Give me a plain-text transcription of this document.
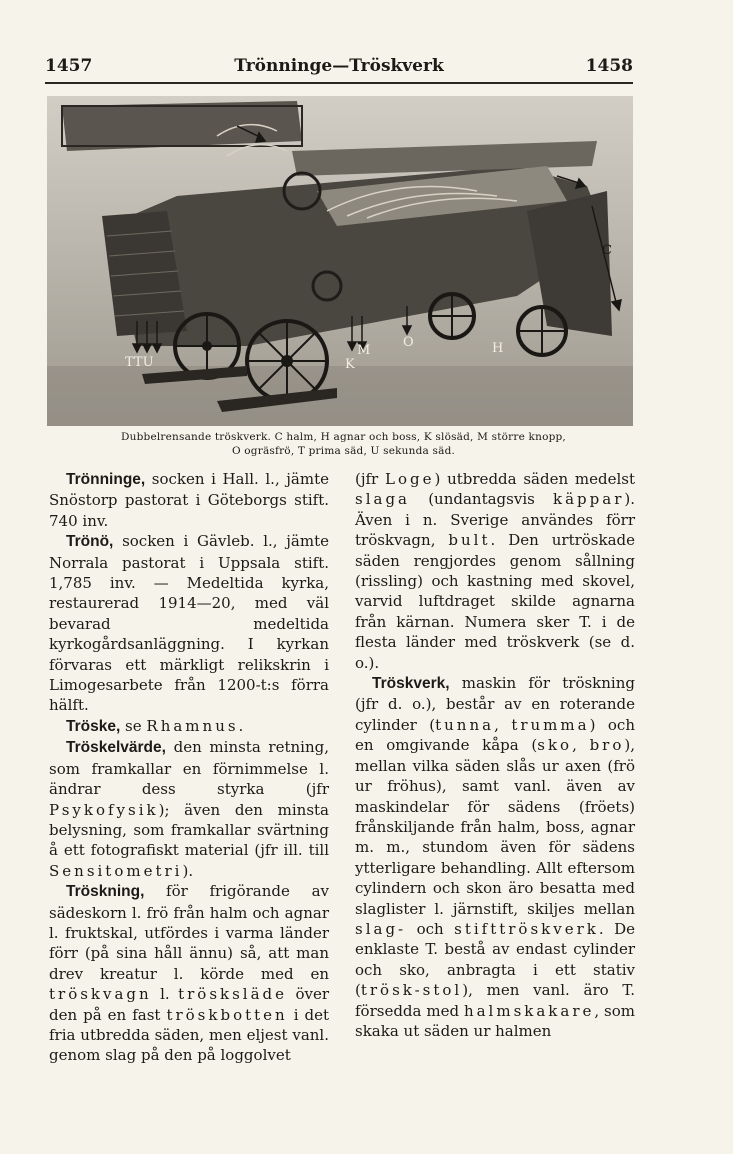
1457	Trönninge—Tröskverk	1458
TTU	K
M
O	H
C
Dubbelrensande tröskverk. C halm, H agnar och boss, K slösäd, M större knopp,
O ogräsfrö, T prima säd, U sekunda säd.

Trönninge, socken i Hall. l., jämte Snöstorp pastorat i Göteborgs stift. 740 inv.

Trönö, socken i Gävleb. l., jämte Norrala pastorat i Uppsala stift. 1,785 inv. — Medeltida kyrka, restaurerad 1914—20, med väl bevarad medeltida kyrkogårdsanläggning. I kyrkan förvaras ett märkligt relikskrin i Limogesarbete från 1200-t:s förra hälft.

Tröske, se Rhamnus.

Tröskelvärde, den minsta retning, som framkallar en förnimmelse l. ändrar dess styrka (jfr Psykofysik); även den minsta belysning, som framkallar svärtning å ett fotografiskt material (jfr ill. till Sensitometri).

Tröskning, för frigörande av sädeskorn l. frö från halm och agnar l. fruktskal, utfördes i varma länder förr (på sina håll ännu) så, att man drev kreatur l. körde med en tröskvagn l. trösksläde över den på en fast tröskbotten i det fria utbredda säden, men eljest vanl. genom slag på den på loggolvet

(jfr Loge) utbredda säden medelst slaga (undantagsvis käppar). Även i n. Sverige användes förr tröskvagn, bult. Den urtröskade säden rengjordes genom sållning (rissling) och kastning med skovel, varvid luftdraget skilde agnarna från kärnan. Numera sker T. i de flesta länder med tröskverk (se d. o.).

Tröskverk, maskin för tröskning (jfr d. o.), består av en roterande cylinder (tunna, trumma) och en omgivande kåpa (sko, bro), mellan vilka säden slås ur axen (frö ur fröhus), samt vanl. även av maskindelar för sädens (fröets) frånskiljande från halm, boss, agnar m. m., stundom även för sädens ytterligare behandling. Allt eftersom cylindern och skon äro besatta med slaglister l. järnstift, skiljes mellan slag- och stifttröskverk. De enklaste T. bestå av endast cylinder och sko, anbragta i ett stativ (trösk-stol), men vanl. äro T. försedda med halmskakare, som skaka ut säden ur halmen
